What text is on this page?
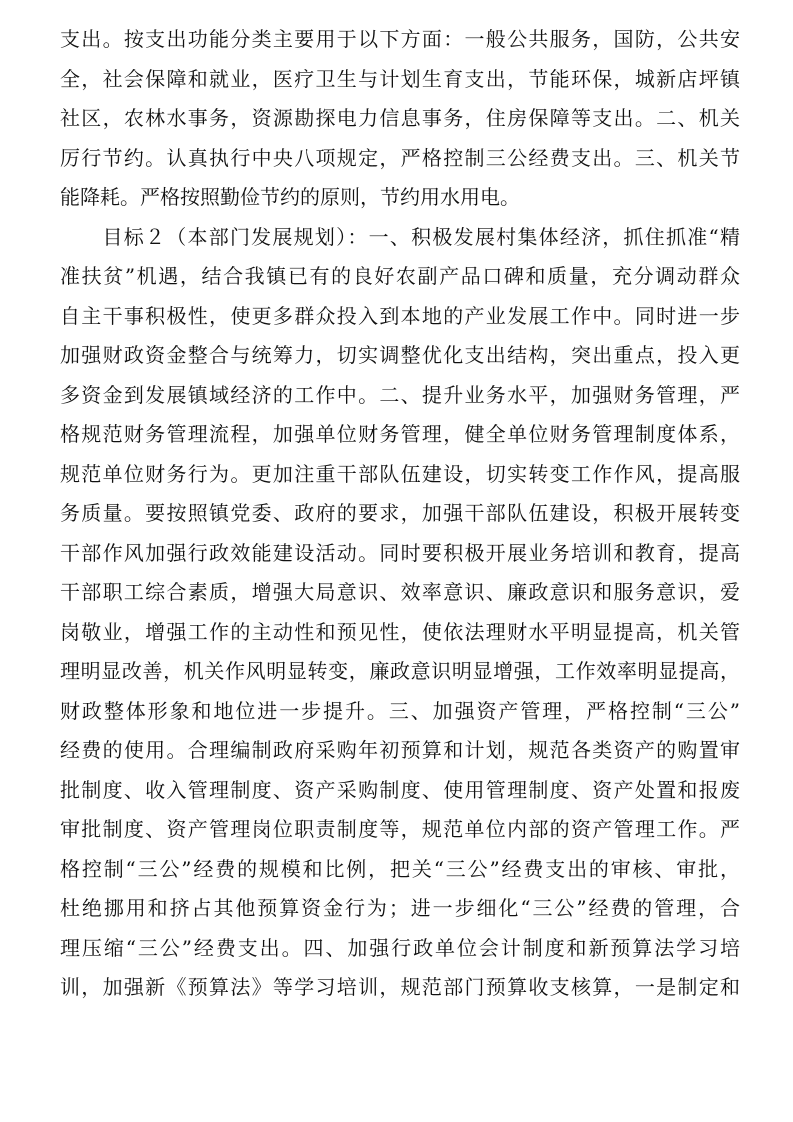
支出。按支出功能分类主要用于以下方面：一般公共服务，国防，公共安
全，社会保障和就业，医疗卫生与计划生育支出，节能环保，城新店坪镇
社区，农林水事务，资源勘探电力信息事务，住房保障等支出。二、机关
厉行节约。认真执行中央八项规定，严格控制三公经费支出。三、机关节
能降耗。严格按照勤俭节约的原则，节约用水用电。
　　目标２（本部门发展规划）：一、积极发展村集体经济，抓住抓准“精
准扶贫”机遇，结合我镇已有的良好农副产品口碑和质量，充分调动群众
自主干事积极性，使更多群众投入到本地的产业发展工作中。同时进一步
加强财政资金整合与统筹力，切实调整优化支出结构，突出重点，投入更
多资金到发展镇域经济的工作中。二、提升业务水平，加强财务管理，严
格规范财务管理流程，加强单位财务管理，健全单位财务管理制度体系，
规范单位财务行为。更加注重干部队伍建设，切实转变工作作风，提高服
务质量。要按照镇党委、政府的要求，加强干部队伍建设，积极开展转变
干部作风加强行政效能建设活动。同时要积极开展业务培训和教育，提高
干部职工综合素质，增强大局意识、效率意识、廉政意识和服务意识，爱
岗敬业，增强工作的主动性和预见性，使依法理财水平明显提高，机关管
理明显改善，机关作风明显转变，廉政意识明显增强，工作效率明显提高，
财政整体形象和地位进一步提升。三、加强资产管理，严格控制“三公”
经费的使用。合理编制政府采购年初预算和计划，规范各类资产的购置审
批制度、收入管理制度、资产采购制度、使用管理制度、资产处置和报废
审批制度、资产管理岗位职责制度等，规范单位内部的资产管理工作。严
格控制“三公”经费的规模和比例，把关“三公”经费支出的审核、审批，
杜绝挪用和挤占其他预算资金行为；进一步细化“三公”经费的管理，合
理压缩“三公”经费支出。四、加强行政单位会计制度和新预算法学习培
训，加强新《预算法》等学习培训，规范部门预算收支核算，一是制定和
